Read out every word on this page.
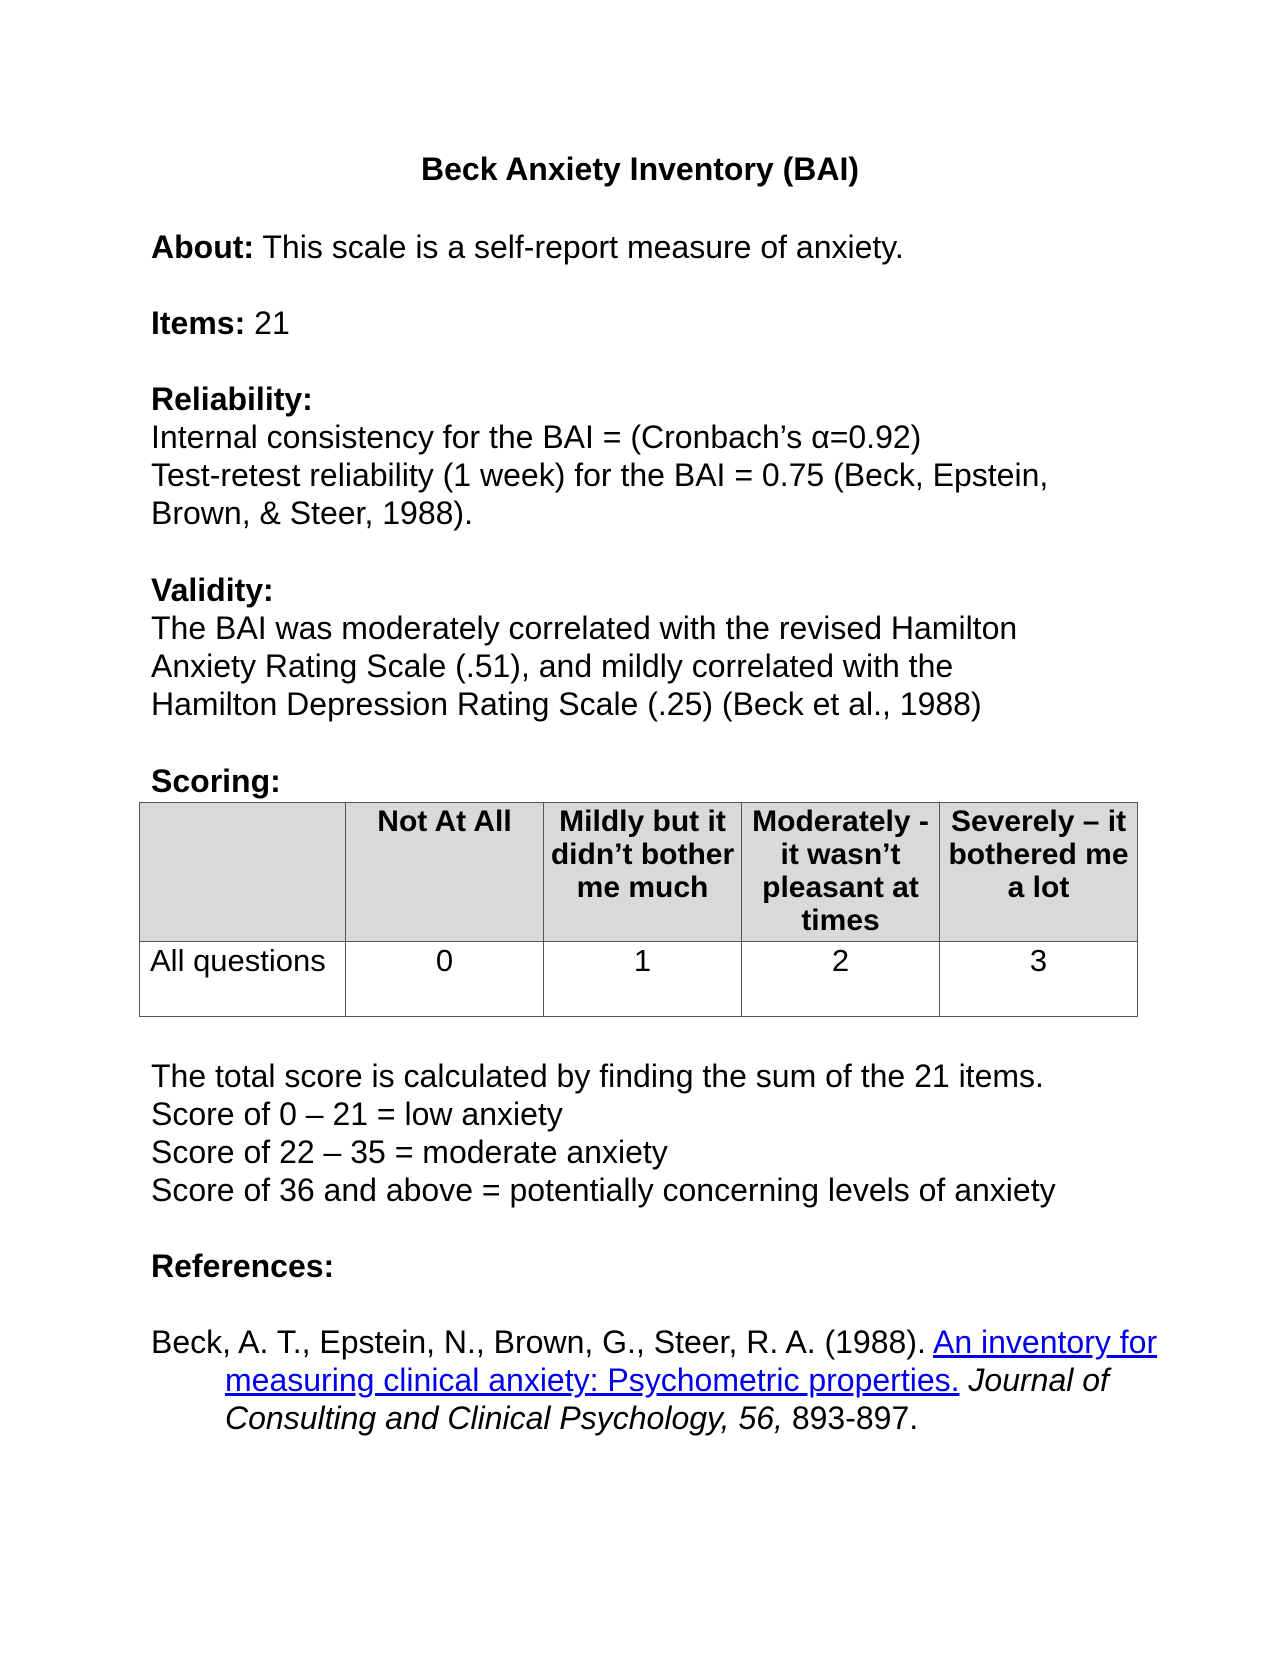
Beck Anxiety Inventory (BAI)
About: This scale is a self-report measure of anxiety.
Items: 21
Reliability:
Internal consistency for the BAI = (Cronbach’s α=0.92)
Test-retest reliability (1 week) for the BAI = 0.75 (Beck, Epstein,
Brown, & Steer, 1988).
Validity:
The BAI was moderately correlated with the revised Hamilton
Anxiety Rating Scale (.51), and mildly correlated with the
Hamilton Depression Rating Scale (.25) (Beck et al., 1988)
Scoring:
	Not At All	Mildly but it didn’t bother me much	Moderately - it wasn’t pleasant at times	Severely – it bothered me a lot
All questions	0	1	2	3
The total score is calculated by finding the sum of the 21 items.
Score of 0 – 21 = low anxiety
Score of 22 – 35 = moderate anxiety
Score of 36 and above = potentially concerning levels of anxiety
References:
Beck, A. T., Epstein, N., Brown, G., Steer, R. A. (1988). An inventory for measuring clinical anxiety: Psychometric properties. Journal of Consulting and Clinical Psychology, 56, 893-897.
